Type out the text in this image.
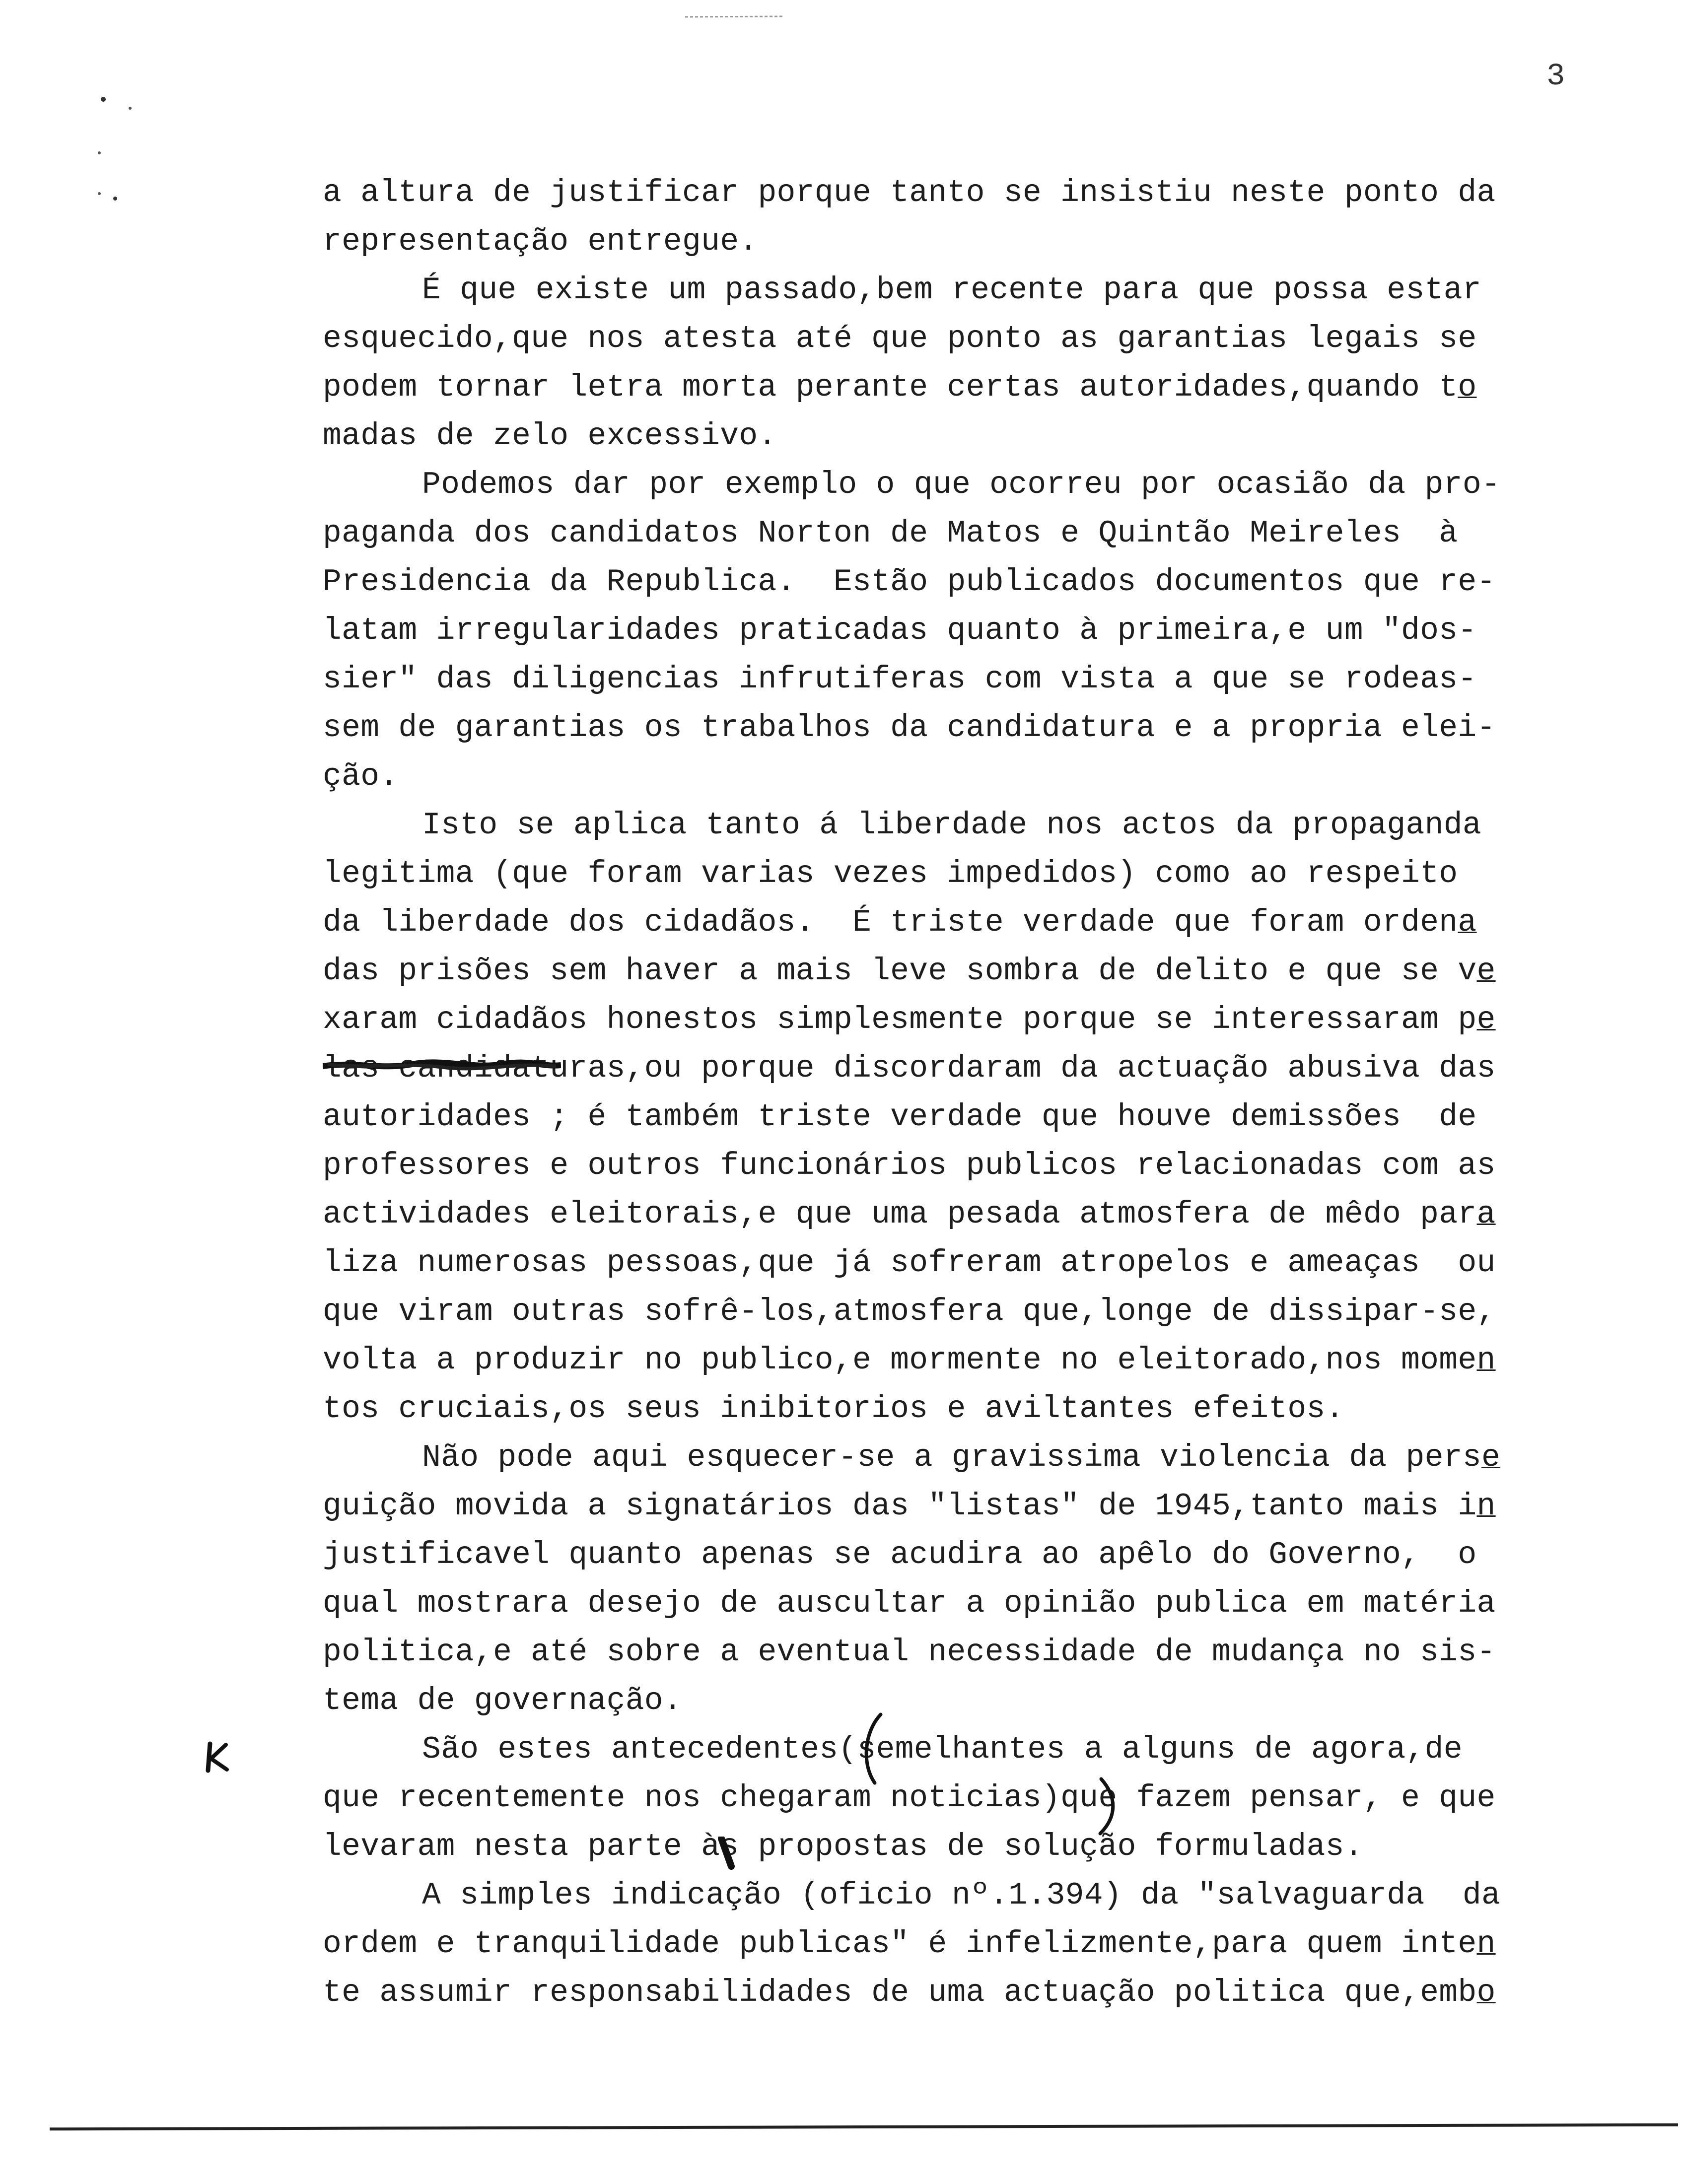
3
a altura de justificar porque tanto se insistiu neste ponto da
representação entregue.
É que existe um passado,bem recente para que possa estar
esquecido,que nos atesta até que ponto as garantias legais se
podem tornar letra morta perante certas autoridades,quando to
madas de zelo excessivo.
Podemos dar por exemplo o que ocorreu por ocasião da pro-
paganda dos candidatos Norton de Matos e Quintão Meireles  à
Presidencia da Republica.  Estão publicados documentos que re-
latam irregularidades praticadas quanto à primeira,e um "dos-
sier" das diligencias infrutiferas com vista a que se rodeas-
sem de garantias os trabalhos da candidatura e a propria elei-
ção.
Isto se aplica tanto á liberdade nos actos da propaganda
legitima (que foram varias vezes impedidos) como ao respeito
da liberdade dos cidadãos.  É triste verdade que foram ordena
das prisões sem haver a mais leve sombra de delito e que se ve
xaram cidadãos honestos simplesmente porque se interessaram pe
las candidaturas,ou porque discordaram da actuação abusiva das
autoridades ; é também triste verdade que houve demissões  de
professores e outros funcionários publicos relacionadas com as
actividades eleitorais,e que uma pesada atmosfera de mêdo para
liza numerosas pessoas,que já sofreram atropelos e ameaças  ou
que viram outras sofrê-los,atmosfera que,longe de dissipar-se,
volta a produzir no publico,e mormente no eleitorado,nos momen
tos cruciais,os seus inibitorios e aviltantes efeitos.
Não pode aqui esquecer-se a gravissima violencia da perse
guição movida a signatários das "listas" de 1945,tanto mais in
justificavel quanto apenas se acudira ao apêlo do Governo,  o
qual mostrara desejo de auscultar a opinião publica em matéria
politica,e até sobre a eventual necessidade de mudança no sis-
tema de governação.
São estes antecedentes(semelhantes a alguns de agora,de
que recentemente nos chegaram noticias)que fazem pensar, e que
levaram nesta parte às propostas de solução formuladas.
A simples indicação (oficio nº.1.394) da "salvaguarda  da
ordem e tranquilidade publicas" é infelizmente,para quem inten
te assumir responsabilidades de uma actuação politica que,embo
